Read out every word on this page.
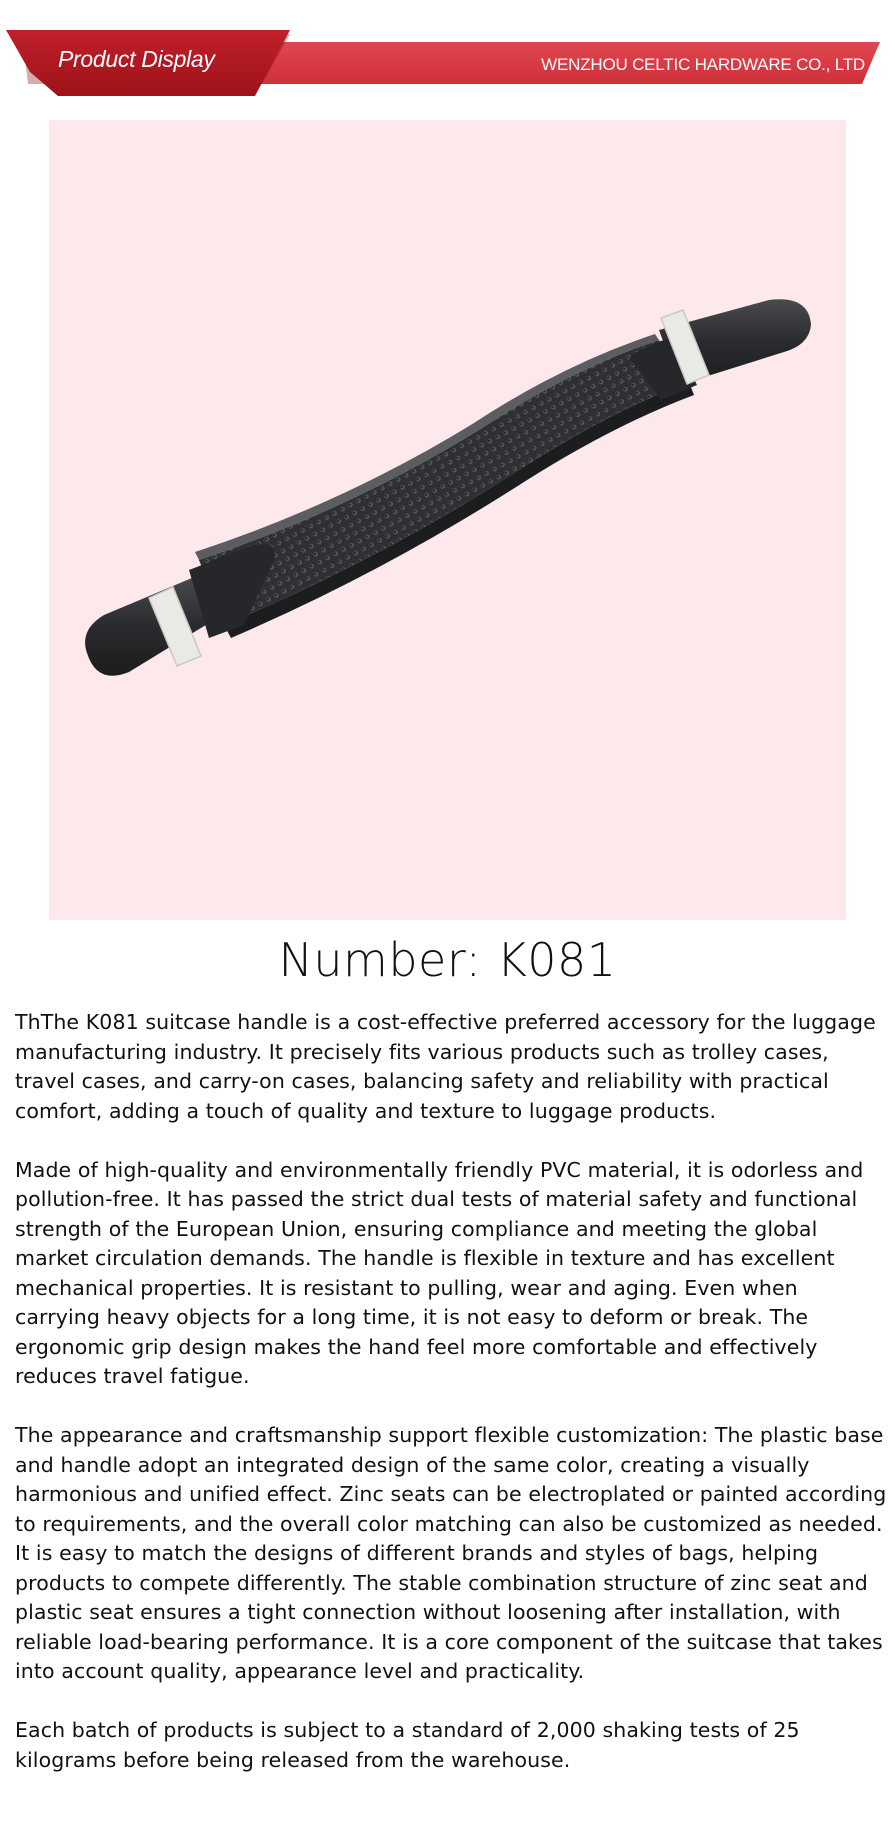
Product Display	WENZHOU CELTIC HARDWARE CO., LTD
Number: K081

ThThe K081 suitcase handle is a cost-effective preferred accessory for the luggage manufacturing industry. It precisely fits various products such as trolley cases, travel cases, and carry-on cases, balancing safety and reliability with practical comfort, adding a touch of quality and texture to luggage products.

Made of high-quality and environmentally friendly PVC material, it is odorless and pollution-free. It has passed the strict dual tests of material safety and functional strength of the European Union, ensuring compliance and meeting the global market circulation demands. The handle is flexible in texture and has excellent mechanical properties. It is resistant to pulling, wear and aging. Even when carrying heavy objects for a long time, it is not easy to deform or break. The ergonomic grip design makes the hand feel more comfortable and effectively reduces travel fatigue.

The appearance and craftsmanship support flexible customization: The plastic base and handle adopt an integrated design of the same color, creating a visually harmonious and unified effect. Zinc seats can be electroplated or painted according to requirements, and the overall color matching can also be customized as needed. It is easy to match the designs of different brands and styles of bags, helping products to compete differently. The stable combination structure of zinc seat and plastic seat ensures a tight connection without loosening after installation, with reliable load-bearing performance. It is a core component of the suitcase that takes into account quality, appearance level and practicality.

Each batch of products is subject to a standard of 2,000 shaking tests of 25 kilograms before being released from the warehouse.
